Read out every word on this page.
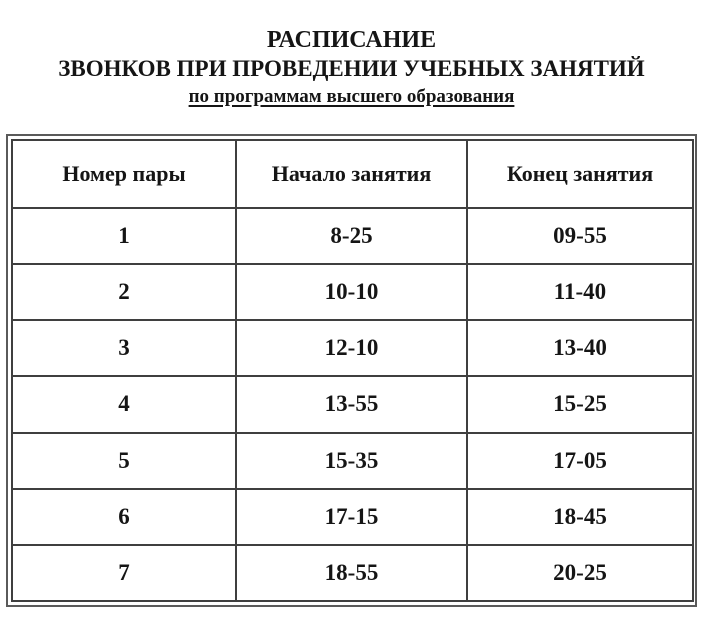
РАСПИСАНИЕ
ЗВОНКОВ ПРИ ПРОВЕДЕНИИ УЧЕБНЫХ ЗАНЯТИЙ
по программам высшего образования
Номер пары	Начало занятия	Конец занятия
1	8-25	09-55
2	10-10	11-40
3	12-10	13-40
4	13-55	15-25
5	15-35	17-05
6	17-15	18-45
7	18-55	20-25
